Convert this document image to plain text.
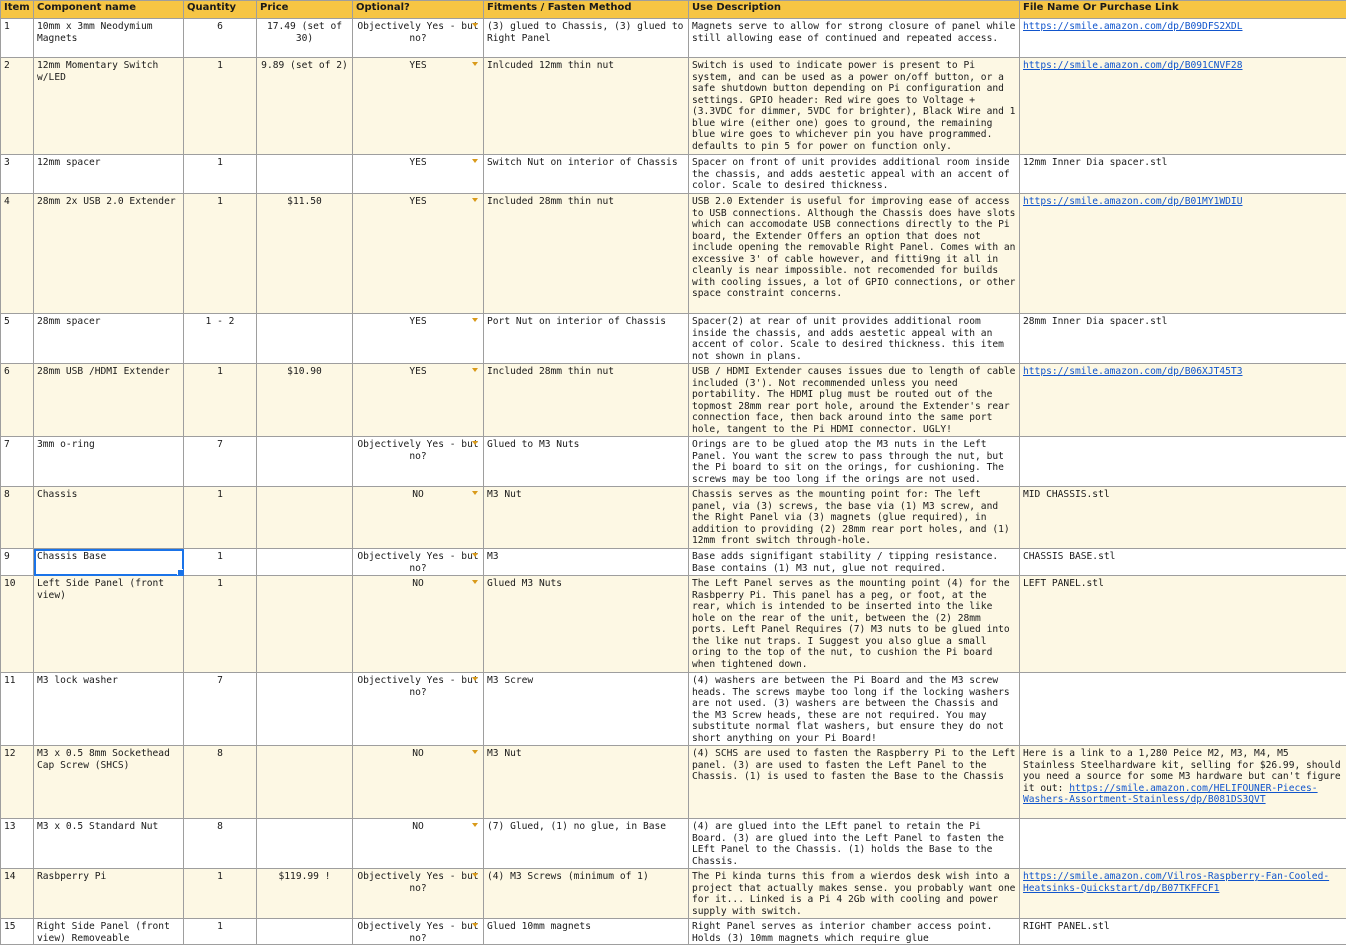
Item	Component name	Quantity	Price	Optional?	Fitments / Fasten Method	Use Description	File Name Or Purchase Link
1	10mm x 3mm Neodymium Magnets	6	17.49 (set of 30)	Objectively Yes - but no?	(3) glued to Chassis, (3) glued to Right Panel	Magnets serve to allow for strong closure of panel while still allowing ease of continued and repeated access.	https://smile.amazon.com/dp/B09DFS2XDL
2	12mm Momentary Switch w/LED	1	9.89 (set of 2)	YES	Inlcuded 12mm thin nut	Switch is used to indicate power is present to Pi system, and can be used as a power on/off button, or a safe shutdown button depending on Pi configuration and settings. GPIO header: Red wire goes to Voltage + (3.3VDC for dimmer, 5VDC for brighter), Black Wire and 1 blue wire (either one) goes to ground, the remaining blue wire goes to whichever pin you have programmed. defaults to pin 5 for power on function only.	https://smile.amazon.com/dp/B091CNVF28
3	12mm spacer	1		YES	Switch Nut on interior of Chassis	Spacer on front of unit provides additional room inside the chassis, and adds aestetic appeal with an accent of color. Scale to desired thickness.	12mm Inner Dia spacer.stl
4	28mm 2x USB 2.0 Extender	1	$11.50	YES	Included 28mm thin nut	USB 2.0 Extender is useful for improving ease of access to USB connections. Although the Chassis does have slots which can accomodate USB connections directly to the Pi board, the Extender Offers an option that does not include opening the removable Right Panel. Comes with an excessive 3' of cable however, and fitti9ng it all in cleanly is near impossible. not recomended for builds with cooling issues, a lot of GPIO connections, or other space constraint concerns.	https://smile.amazon.com/dp/B01MY1WDIU
5	28mm spacer	1 - 2		YES	Port Nut on interior of Chassis	Spacer(2) at rear of unit provides additional room inside the chassis, and adds aestetic appeal with an accent of color. Scale to desired thickness. this item not shown in plans.	28mm Inner Dia spacer.stl
6	28mm USB /HDMI Extender	1	$10.90	YES	Included 28mm thin nut	USB / HDMI Extender causes issues due to length of cable included (3'). Not recommended unless you need portability. The HDMI plug must be routed out of the topmost 28mm rear port hole, around the Extender's rear connection face, then back around into the same port hole, tangent to the Pi HDMI connector. UGLY!	https://smile.amazon.com/dp/B06XJT45T3
7	3mm o-ring	7		Objectively Yes - but no?	Glued to M3 Nuts	Orings are to be glued atop the M3 nuts in the Left Panel. You want the screw to pass through the nut, but the Pi board to sit on the orings, for cushioning. The screws may be too long if the orings are not used.	
8	Chassis	1		NO	M3 Nut	Chassis serves as the mounting point for: The left panel, via (3) screws, the base via (1) M3 screw, and the Right Panel via (3) magnets (glue required), in addition to providing (2) 28mm rear port holes, and (1) 12mm front switch through-hole.	MID CHASSIS.stl
9	Chassis Base	1		Objectively Yes - but no?	M3	Base adds signifigant stability / tipping resistance. Base contains (1) M3 nut, glue not required.	CHASSIS BASE.stl
10	Left Side Panel (front view)	1		NO	Glued M3 Nuts	The Left Panel serves as the mounting point (4) for the Rasbperry Pi. This panel has a peg, or foot, at the rear, which is intended to be inserted into the like hole on the rear of the unit, between the (2) 28mm ports. Left Panel Requires (7) M3 nuts to be glued into the like nut traps. I Suggest you also glue a small oring to the top of the nut, to cushion the Pi board when tightened down.	LEFT PANEL.stl
11	M3 lock washer	7		Objectively Yes - but no?	M3 Screw	(4) washers are between the Pi Board and the M3 screw heads. The screws maybe too long if the locking washers are not used. (3) washers are between the Chassis and the M3 Screw heads, these are not required. You may substitute normal flat washers, but ensure they do not short anything on your Pi Board!	
12	M3 x 0.5 8mm Sockethead Cap Screw (SHCS)	8		NO	M3 Nut	(4) SCHS are used to fasten the Raspberry Pi to the Left panel. (3) are used to fasten the Left Panel to the Chassis. (1) is used to fasten the Base to the Chassis	Here is a link to a 1,280 Peice M2, M3, M4, M5 Stainless Steelhardware kit, selling for $26.99, should you need a source for some M3 hardware but can't figure it out: https://smile.amazon.com/HELIFOUNER-Pieces-Washers-Assortment-Stainless/dp/B081DS3QVT
13	M3 x 0.5 Standard Nut	8		NO	(7) Glued, (1) no glue, in Base	(4) are glued into the LEft panel to retain the Pi Board. (3) are glued into the Left Panel to fasten the LEft Panel to the Chassis. (1) holds the Base to the Chassis.	
14	Rasbperry Pi	1	$119.99 !	Objectively Yes - but no?	(4) M3 Screws (minimum of 1)	The Pi kinda turns this from a wierdos desk wish into a project that actually makes sense. you probably want one for it... Linked is a Pi 4 2Gb with cooling and power supply with switch.	https://smile.amazon.com/Vilros-Raspberry-Fan-Cooled-Heatsinks-Quickstart/dp/B07TKFFCF1
15	Right Side Panel (front view) Removeable	1		Objectively Yes - but no?	Glued 10mm magnets	Right Panel serves as interior chamber access point. Holds (3) 10mm magnets which require glue	RIGHT PANEL.stl
